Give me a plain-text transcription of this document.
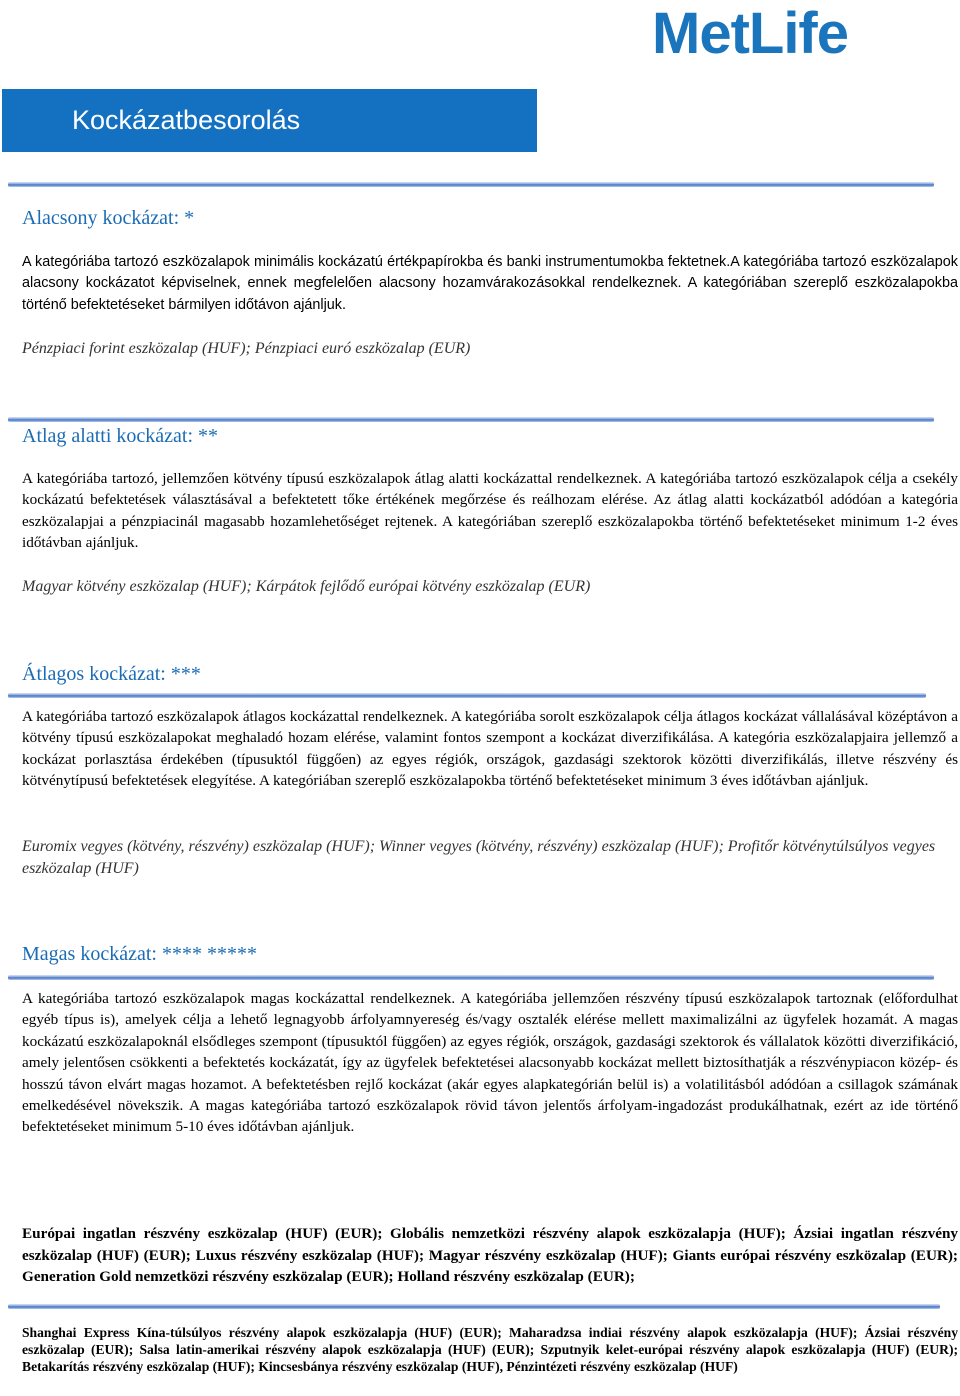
MetLife
Kockázatbesorolás
Alacsony kockázat: *

A kategóriába tartozó eszközalapok minimális kockázatú értékpapírokba és banki instrumentumokba fektetnek.A kategóriába tartozó eszközalapok alacsony kockázatot képviselnek, ennek megfelelően alacsony hozamvárakozásokkal rendelkeznek. A kategóriában szereplő eszközalapokba történő befektetéseket bármilyen időtávon ajánljuk.

Pénzpiaci forint eszközalap (HUF); Pénzpiaci euró eszközalap (EUR)

Atlag alatti kockázat: **

A kategóriába tartozó, jellemzően kötvény típusú eszközalapok átlag alatti kockázattal rendelkeznek. A kategóriába tartozó eszközalapok célja a csekély kockázatú befektetések választásával a befektetett tőke értékének megőrzése és reálhozam elérése. Az átlag alatti kockázatból adódóan a kategória eszközalapjai a pénzpiacinál magasabb hozamlehetőséget rejtenek. A kategóriában szereplő eszközalapokba történő befektetéseket minimum 1-2 éves időtávban ajánljuk.

Magyar kötvény eszközalap (HUF); Kárpátok fejlődő európai kötvény eszközalap (EUR)

Átlagos kockázat: ***

A kategóriába tartozó eszközalapok átlagos kockázattal rendelkeznek. A kategóriába sorolt eszközalapok célja átlagos kockázat vállalásával középtávon a kötvény típusú eszközalapokat meghaladó hozam elérése, valamint fontos szempont a kockázat diverzifikálása. A kategória eszközalapjaira jellemző a kockázat porlasztása érdekében (típusuktól függően) az egyes régiók, országok, gazdasági szektorok közötti diverzifikálás, illetve részvény és kötvénytípusú befektetések elegyítése. A kategóriában szereplő eszközalapokba történő befektetéseket minimum 3 éves időtávban ajánljuk.

Euromix vegyes (kötvény, részvény) eszközalap (HUF); Winner vegyes (kötvény, részvény) eszközalap (HUF); Profitőr kötvénytúlsúlyos vegyes eszközalap (HUF)

Magas kockázat: **** *****

A kategóriába tartozó eszközalapok magas kockázattal rendelkeznek. A kategóriába jellemzően részvény típusú eszközalapok tartoznak (előfordulhat egyéb típus is), amelyek célja a lehető legnagyobb árfolyamnyereség és/vagy osztalék elérése mellett maximalizálni az ügyfelek hozamát. A magas kockázatú eszközalapoknál elsődleges szempont (típusuktól függően) az egyes régiók, országok, gazdasági szektorok és vállalatok közötti diverzifikáció, amely jelentősen csökkenti a befektetés kockázatát, így az ügyfelek befektetései alacsonyabb kockázat mellett biztosíthatják a részvénypiacon közép- és hosszú távon elvárt magas hozamot. A befektetésben rejlő kockázat (akár egyes alapkategórián belül is) a volatilitásból adódóan a csillagok számának emelkedésével növekszik. A magas kategóriába tartozó eszközalapok rövid távon jelentős árfolyam-ingadozást produkálhatnak, ezért az ide történő befektetéseket minimum 5-10 éves időtávban ajánljuk.

Európai ingatlan részvény eszközalap (HUF) (EUR); Globális nemzetközi részvény alapok eszközalapja (HUF); Ázsiai ingatlan részvény eszközalap (HUF) (EUR); Luxus részvény eszközalap (HUF); Magyar részvény eszközalap (HUF); Giants európai részvény eszközalap (EUR); Generation Gold nemzetközi részvény eszközalap (EUR); Holland részvény eszközalap (EUR);

Shanghai Express Kína-túlsúlyos részvény alapok eszközalapja (HUF) (EUR); Maharadzsa indiai részvény alapok eszközalapja (HUF); Ázsiai részvény eszközalap (EUR); Salsa latin-amerikai részvény alapok eszközalapja (HUF) (EUR); Szputnyik kelet-európai részvény alapok eszközalapja (HUF) (EUR); Betakarítás részvény eszközalap (HUF); Kincsesbánya részvény eszközalap (HUF), Pénzintézeti részvény eszközalap (HUF)
